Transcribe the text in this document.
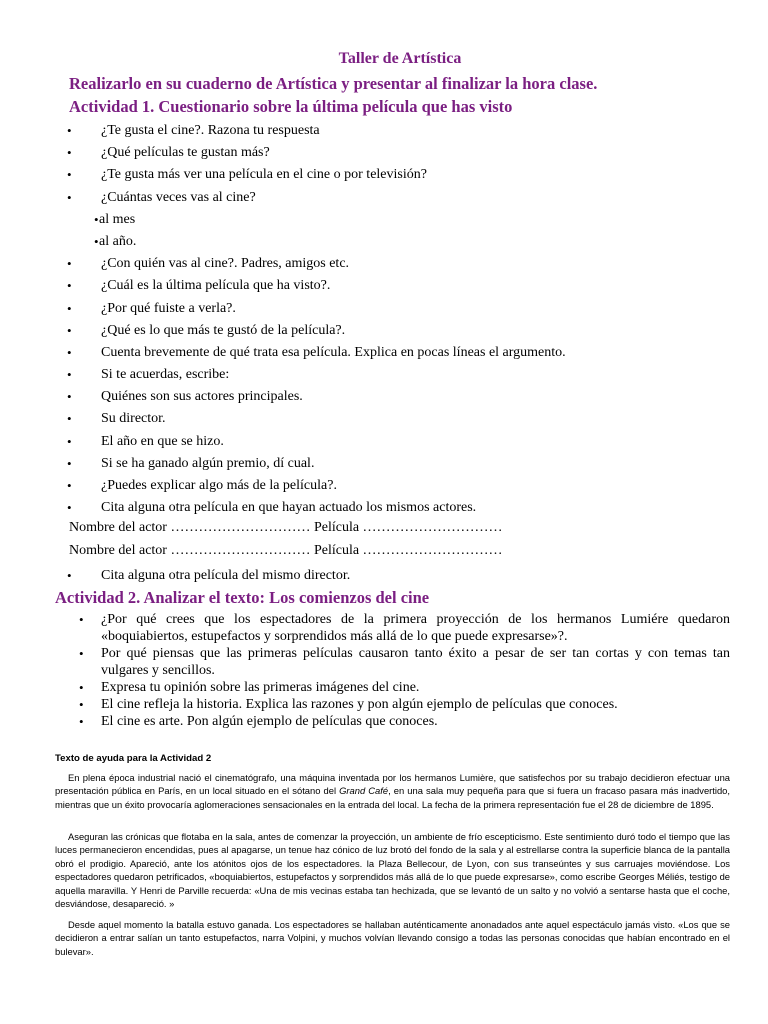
Taller de Artística
Realizarlo en su cuaderno de Artística y presentar al finalizar la hora clase.
Actividad 1. Cuestionario sobre la última película que has visto
• ¿Te gusta el cine?. Razona tu respuesta
• ¿Qué películas te gustan más?
• ¿Te gusta más ver una película en el cine o por televisión?
• ¿Cuántas veces vas al cine?
• al mes
• al año.
• ¿Con quién vas al cine?. Padres, amigos etc.
• ¿Cuál es la última película que ha visto?.
• ¿Por qué fuiste a verla?.
• ¿Qué es lo que más te gustó de la película?.
• Cuenta brevemente de qué trata esa película. Explica en pocas líneas el argumento.
• Si te acuerdas, escribe:
• Quiénes son sus actores principales.
• Su director.
• El año en que se hizo.
• Si se ha ganado algún premio, dí cual.
• ¿Puedes explicar algo más de la película?.
• Cita alguna otra película en que hayan actuado los mismos actores.
Nombre del actor ………………………… Película …………………………
Nombre del actor ………………………… Película …………………………
• Cita alguna otra película del mismo director.
Actividad 2. Analizar el texto: Los comienzos del cine
• ¿Por qué crees que los espectadores de la primera proyección de los hermanos Lumiére quedaron «boquiabiertos, estupefactos y sorprendidos más allá de lo que puede expresarse»?.
• Por qué piensas que las primeras películas causaron tanto éxito a pesar de ser tan cortas y con temas tan vulgares y sencillos.
• Expresa tu opinión sobre las primeras imágenes del cine.
• El cine refleja la historia. Explica las razones y pon algún ejemplo de películas que conoces.
• El cine es arte. Pon algún ejemplo de películas que conoces.
Texto de ayuda para la Actividad 2

En plena época industrial nació el cinematógrafo, una máquina inventada por los hermanos Lumière, que satisfechos por su trabajo decidieron efectuar una presentación pública en París, en un local situado en el sótano del Grand Café, en una sala muy pequeña para que si fuera un fracaso pasara más inadvertido, mientras que un éxito provocaría aglomeraciones sensacionales en la entrada del local. La fecha de la primera representación fue el 28 de diciembre de 1895.

Aseguran las crónicas que flotaba en la sala, antes de comenzar la proyección, un ambiente de frío escepticismo. Este sentimiento duró todo el tiempo que las luces permanecieron encendidas, pues al apagarse, un tenue haz cónico de luz brotó del fondo de la sala y al estrellarse contra la superficie blanca de la pantalla obró el prodigio. Apareció, ante los atónitos ojos de los espectadores. la Plaza Bellecour, de Lyon, con sus transeúntes y sus carruajes moviéndose. Los espectadores quedaron petrificados, «boquiabiertos, estupefactos y sorprendidos más allá de lo que puede expresarse», como escribe Georges Méliés, testigo de aquella maravilla. Y Henri de Parville recuerda: «Una de mis vecinas estaba tan hechizada, que se levantó de un salto y no volvió a sentarse hasta que el coche, desviándose, desapareció. »

Desde aquel momento la batalla estuvo ganada. Los espectadores se hallaban auténticamente anonadados ante aquel espectáculo jamás visto. «Los que se decidieron a entrar salían un tanto estupefactos, narra Volpini, y muchos volvían llevando consigo a todas las personas conocidas que habían encontrado en el bulevar».
